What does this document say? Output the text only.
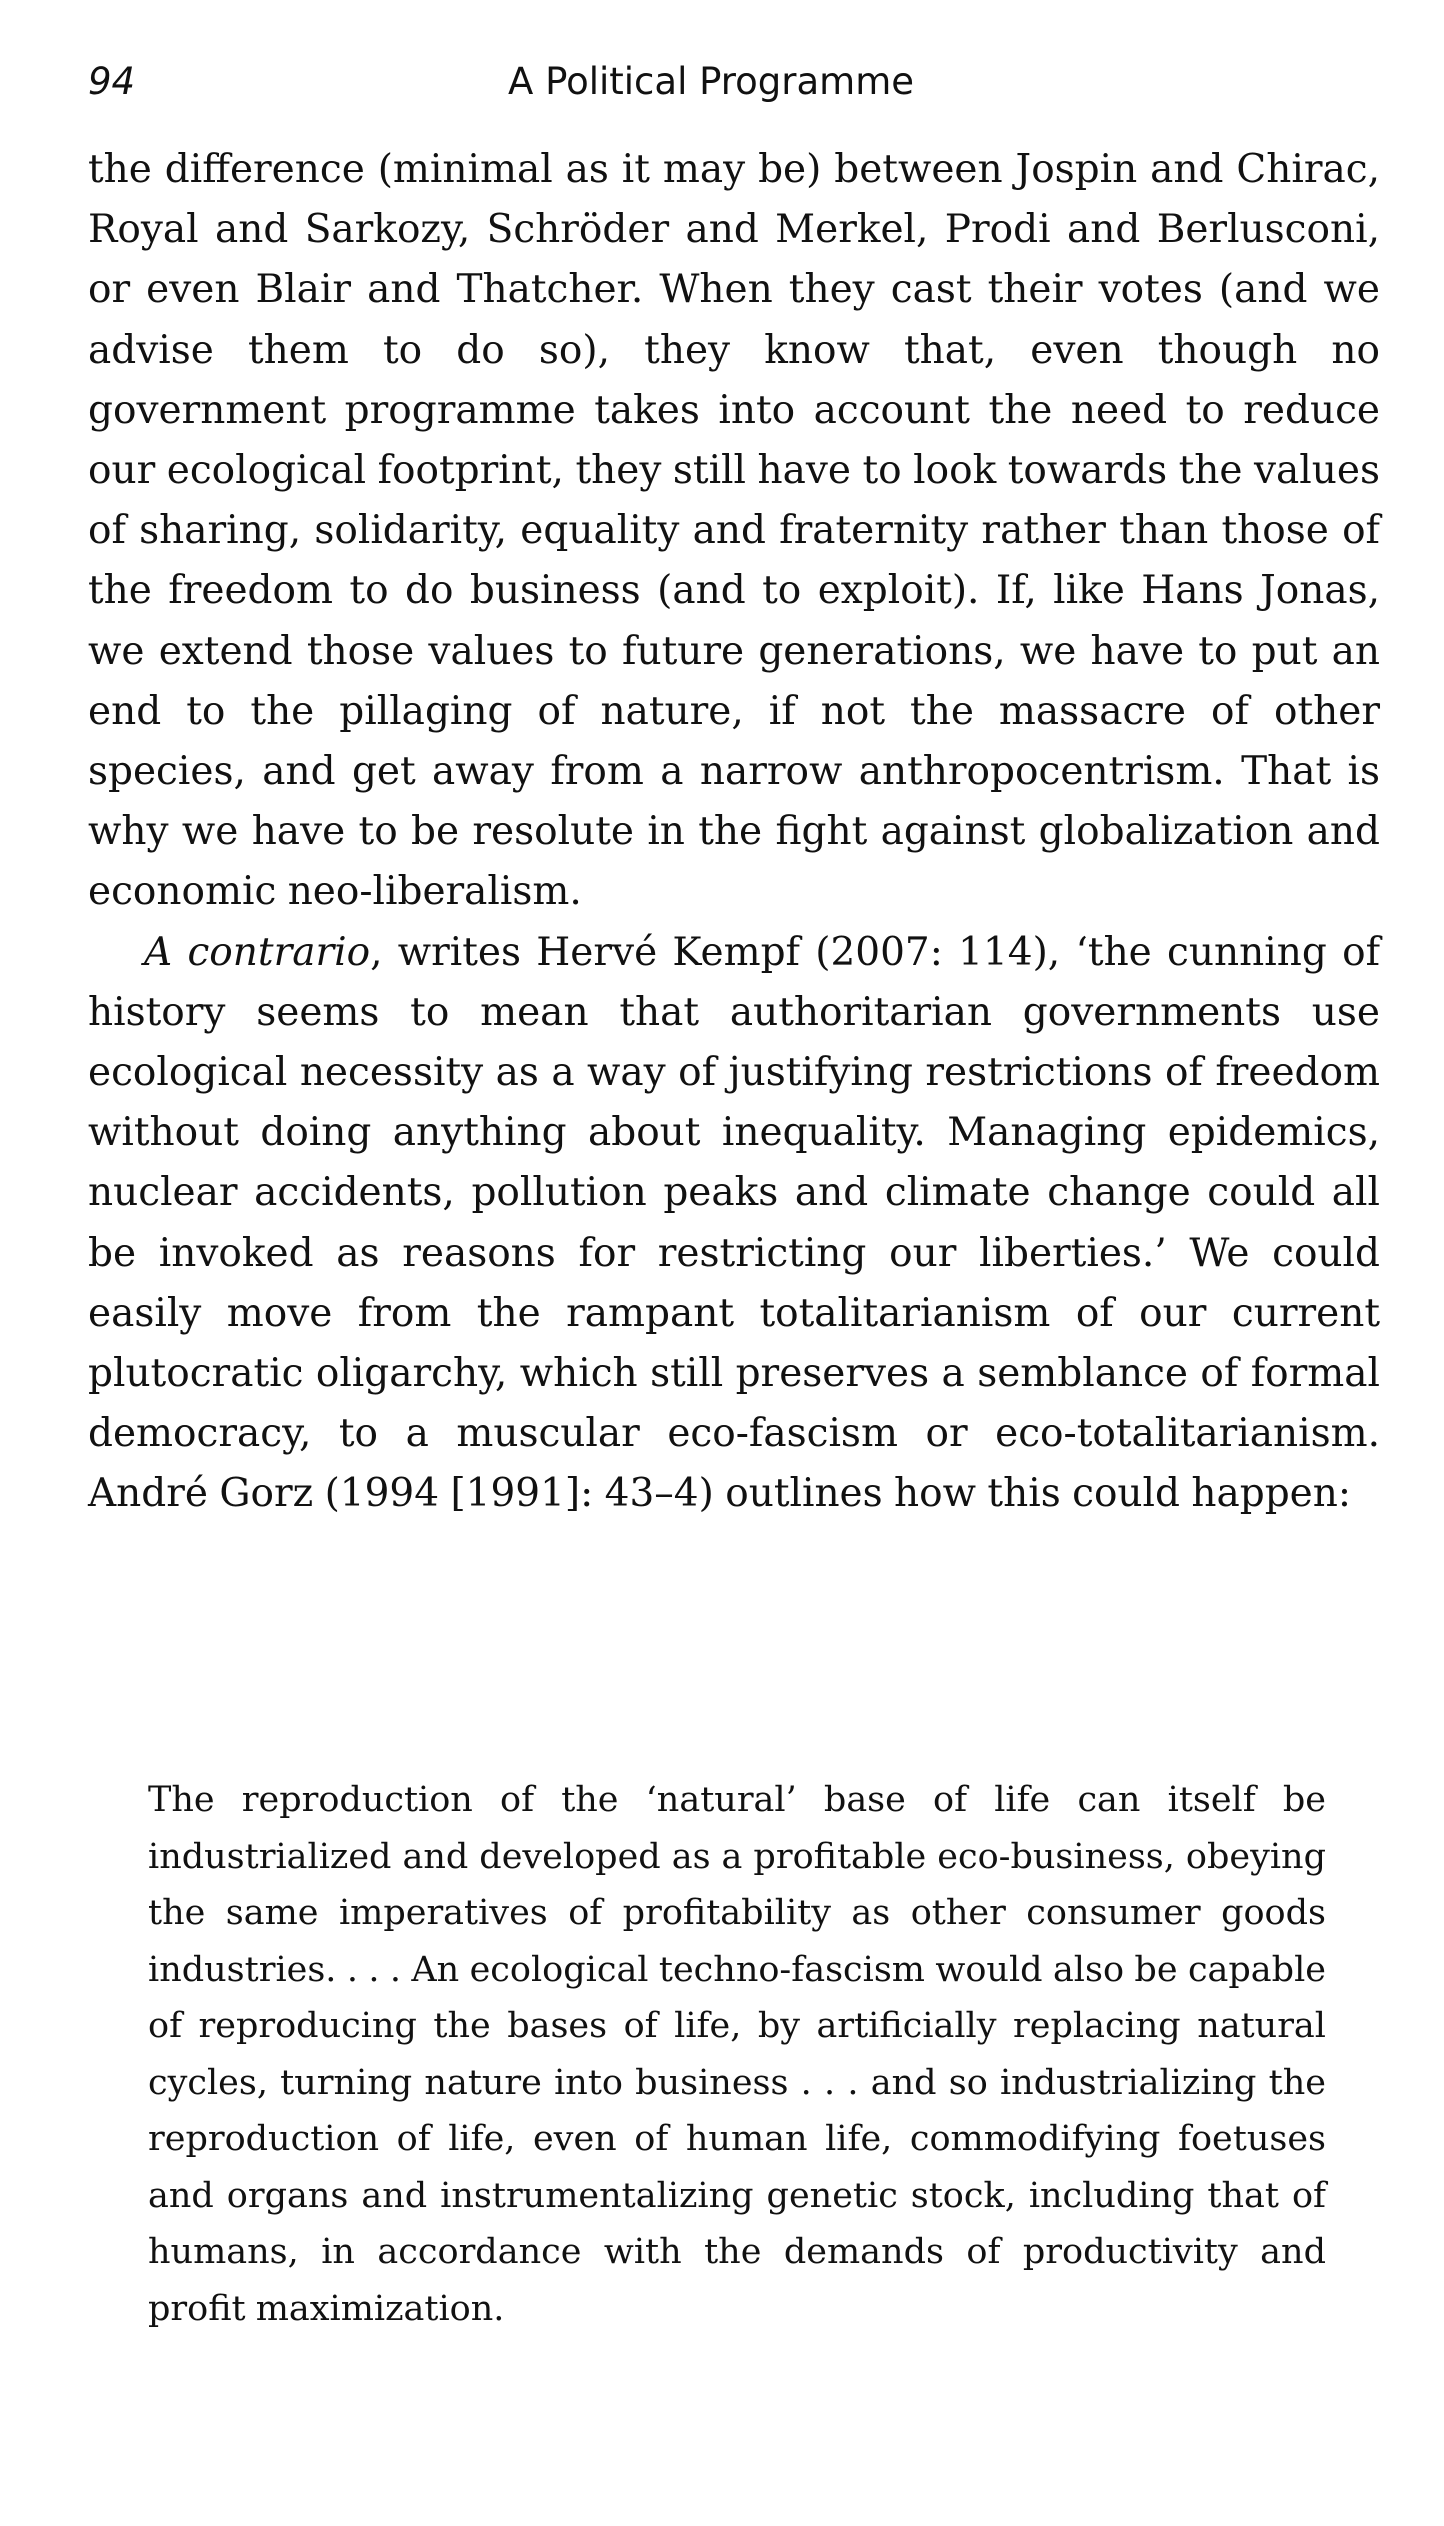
94	A Political Programme

the difference (minimal as it may be) between Jospin and Chirac, Royal and Sarkozy, Schröder and Merkel, Prodi and Berlusconi, or even Blair and Thatcher. When they cast their votes (and we advise them to do so), they know that, even though no government programme takes into account the need to reduce our ecological footprint, they still have to look towards the values of sharing, solidarity, equality and fraternity rather than those of the freedom to do business (and to exploit). If, like Hans Jonas, we extend those values to future generations, we have to put an end to the pillaging of nature, if not the massacre of other species, and get away from a narrow anthropocentrism. That is why we have to be resolute in the fight against globalization and economic neo-liberalism.

A contrario, writes Hervé Kempf (2007: 114), ‘the cunning of history seems to mean that authoritarian governments use ecological necessity as a way of justifying restrictions of freedom without doing anything about inequality. Managing epidemics, nuclear accidents, pollution peaks and climate change could all be invoked as reasons for restricting our liberties.’ We could easily move from the rampant totalitarianism of our current plutocratic oligarchy, which still preserves a semblance of formal democracy, to a muscular eco-fascism or eco-totalitarianism. André Gorz (1994 [1991]: 43–4) outlines how this could happen:

The reproduction of the ‘natural’ base of life can itself be industrialized and developed as a profitable eco-business, obeying the same imperatives of profitability as other consumer goods industries. . . . An ecological techno-fascism would also be capable of reproducing the bases of life, by artificially replacing natural cycles, turning nature into business . . . and so industrializing the reproduction of life, even of human life, commodifying foetuses and organs and instrumentalizing genetic stock, including that of humans, in accordance with the demands of productivity and profit maximization.
